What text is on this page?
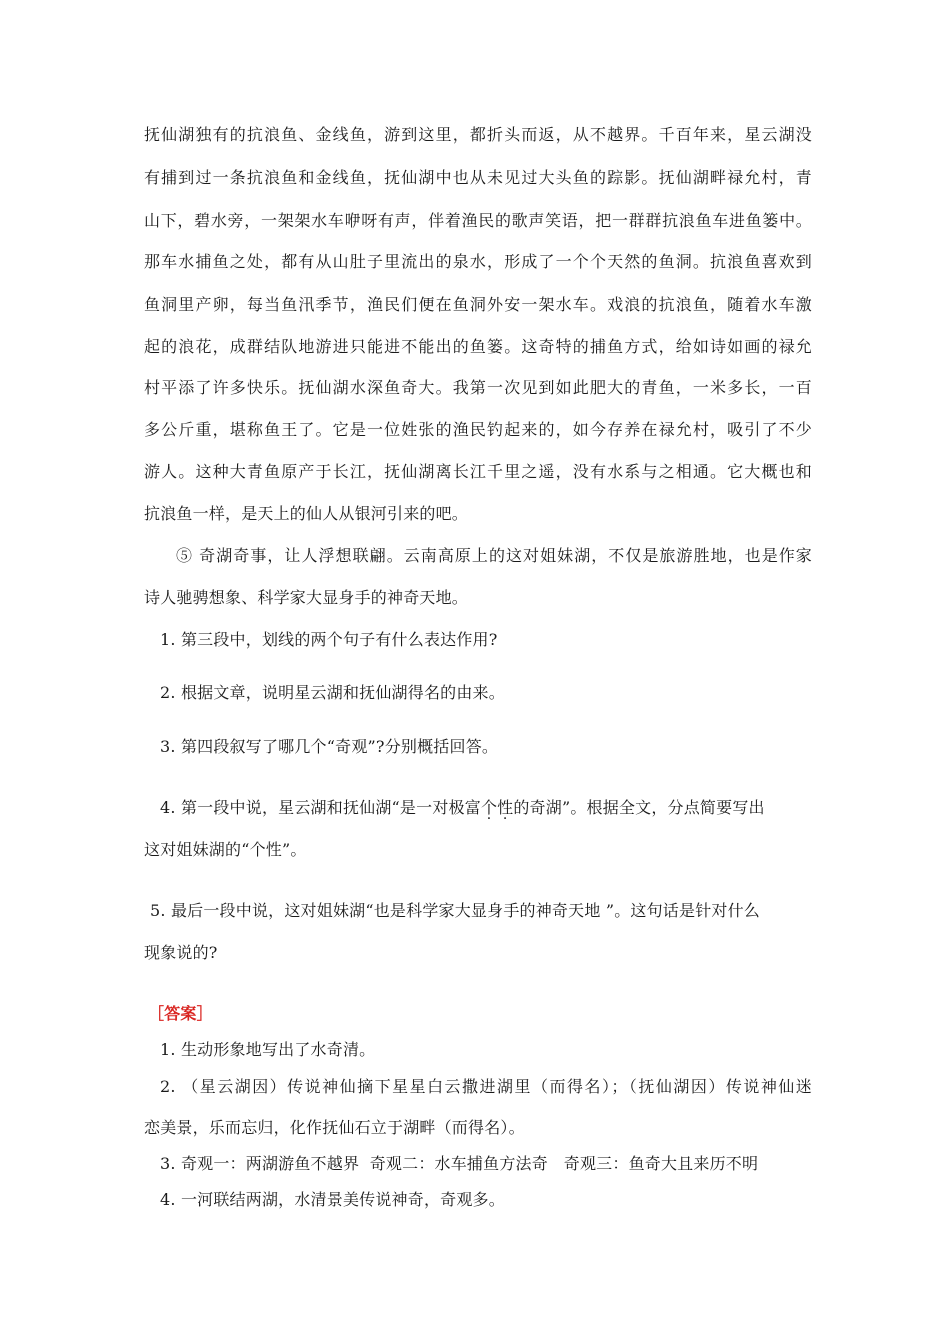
抚仙湖独有的抗浪鱼、金线鱼，游到这里，都折头而返，从不越界。千百年来，星云湖没
有捕到过一条抗浪鱼和金线鱼，抚仙湖中也从未见过大头鱼的踪影。抚仙湖畔禄允村，青
山下，碧水旁，一架架水车咿呀有声，伴着渔民的歌声笑语，把一群群抗浪鱼车进鱼篓中。
那车水捕鱼之处，都有从山肚子里流出的泉水，形成了一个个天然的鱼洞。抗浪鱼喜欢到
鱼洞里产卵，每当鱼汛季节，渔民们便在鱼洞外安一架水车。戏浪的抗浪鱼，随着水车激
起的浪花，成群结队地游进只能进不能出的鱼篓。这奇特的捕鱼方式，给如诗如画的禄允
村平添了许多快乐。抚仙湖水深鱼奇大。我第一次见到如此肥大的青鱼，一米多长，一百
多公斤重，堪称鱼王了。它是一位姓张的渔民钓起来的，如今存养在禄允村，吸引了不少
游人。这种大青鱼原产于长江，抚仙湖离长江千里之遥，没有水系与之相通。它大概也和
抗浪鱼一样，是天上的仙人从银河引来的吧。
⑤ 奇湖奇事，让人浮想联翩。云南高原上的这对姐妹湖，不仅是旅游胜地，也是作家
诗人驰骋想象、科学家大显身手的神奇天地。
1. 第三段中，划线的两个句子有什么表达作用?
2. 根据文章，说明星云湖和抚仙湖得名的由来。
3. 第四段叙写了哪几个“奇观”?分别概括回答。
4. 第一段中说，星云湖和抚仙湖“是一对极富个性的奇湖”。根据全文，分点简要写出
这对姐妹湖的“个性”。
5. 最后一段中说，这对姐妹湖“也是科学家大显身手的神奇天地 ”。这句话是针对什么
现象说的?
［答案］
1. 生动形象地写出了水奇清。
2. （星云湖因）传说神仙摘下星星白云撒进湖里（而得名）；（抚仙湖因）传说神仙迷
恋美景，乐而忘归，化作抚仙石立于湖畔（而得名）。
3. 奇观一：两湖游鱼不越界  奇观二：水车捕鱼方法奇   奇观三：鱼奇大且来历不明
4. 一河联结两湖，水清景美传说神奇，奇观多。
